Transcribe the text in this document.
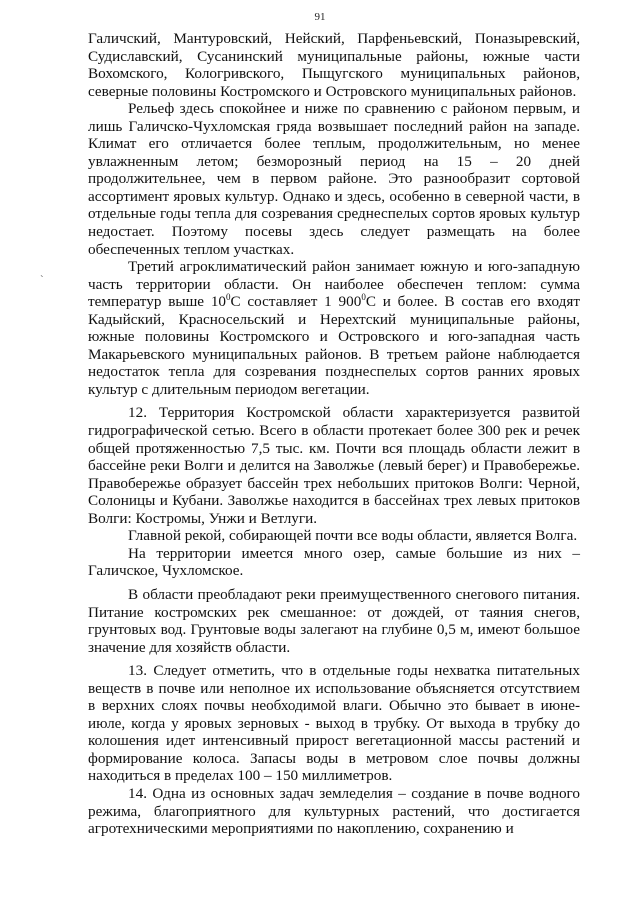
91
ˋ

Галичский, Мантуровский, Нейский, Парфеньевский, Поназыревский, Судиславский, Сусанинский муниципальные районы, южные части Вохомского, Кологривского, Пыщугского муниципальных районов, северные половины Костромского и Островского муниципальных районов.

Рельеф здесь спокойнее и ниже по сравнению с районом первым, и лишь Галичско-Чухломская гряда возвышает последний район на западе. Климат его отличается более теплым, продолжительным, но менее увлажненным летом; безморозный период на 15 – 20 дней продолжительнее, чем в первом районе. Это разнообразит сортовой ассортимент яровых культур. Однако и здесь, особенно в северной части, в отдельные годы тепла для созревания среднеспелых сортов яровых культур недостает. Поэтому посевы здесь следует размещать на более обеспеченных теплом участках.

Третий агроклиматический район занимает южную и юго-западную часть территории области. Он наиболее обеспечен теплом: сумма температур выше $10^0С$ составляет 1 $900^0С$ и более. В состав его входят Кадыйский, Красносельский и Нерехтский муниципальные районы, южные половины Костромского и Островского и юго-западная часть Макарьевского муниципальных районов. В третьем районе наблюдается недостаток тепла для созревания позднеспелых сортов ранних яровых культур с длительным периодом вегетации.

12. Территория Костромской области характеризуется развитой гидрографической сетью. Всего в области протекает более 300 рек и речек общей протяженностью 7,5 тыс. км. Почти вся площадь области лежит в бассейне реки Волги и делится на Заволжье (левый берег) и Правобережье. Правобережье образует бассейн трех небольших притоков Волги: Черной, Солоницы и Кубани. Заволжье находится в бассейнах трех левых притоков Волги: Костромы, Унжи и Ветлуги.

Главной рекой, собирающей почти все воды области, является Волга.

На территории имеется много озер, самые большие из них – Галичское, Чухломское.

В области преобладают реки преимущественного снегового питания. Питание костромских рек смешанное: от дождей, от таяния снегов, грунтовых вод. Грунтовые воды залегают на глубине 0,5 м, имеют большое значение для хозяйств области.

13. Следует отметить, что в отдельные годы нехватка питательных веществ в почве или неполное их использование объясняется отсутствием в верхних слоях почвы необходимой влаги. Обычно это бывает в июне-июле, когда у яровых зерновых - выход в трубку. От выхода в трубку до колошения идет интенсивный прирост вегетационной массы растений и формирование колоса. Запасы воды в метровом слое почвы должны находиться в пределах 100 – 150 миллиметров.

14. Одна из основных задач земледелия – создание в почве водного режима, благоприятного для культурных растений, что достигается агротехническими мероприятиями по накоплению, сохранению и
